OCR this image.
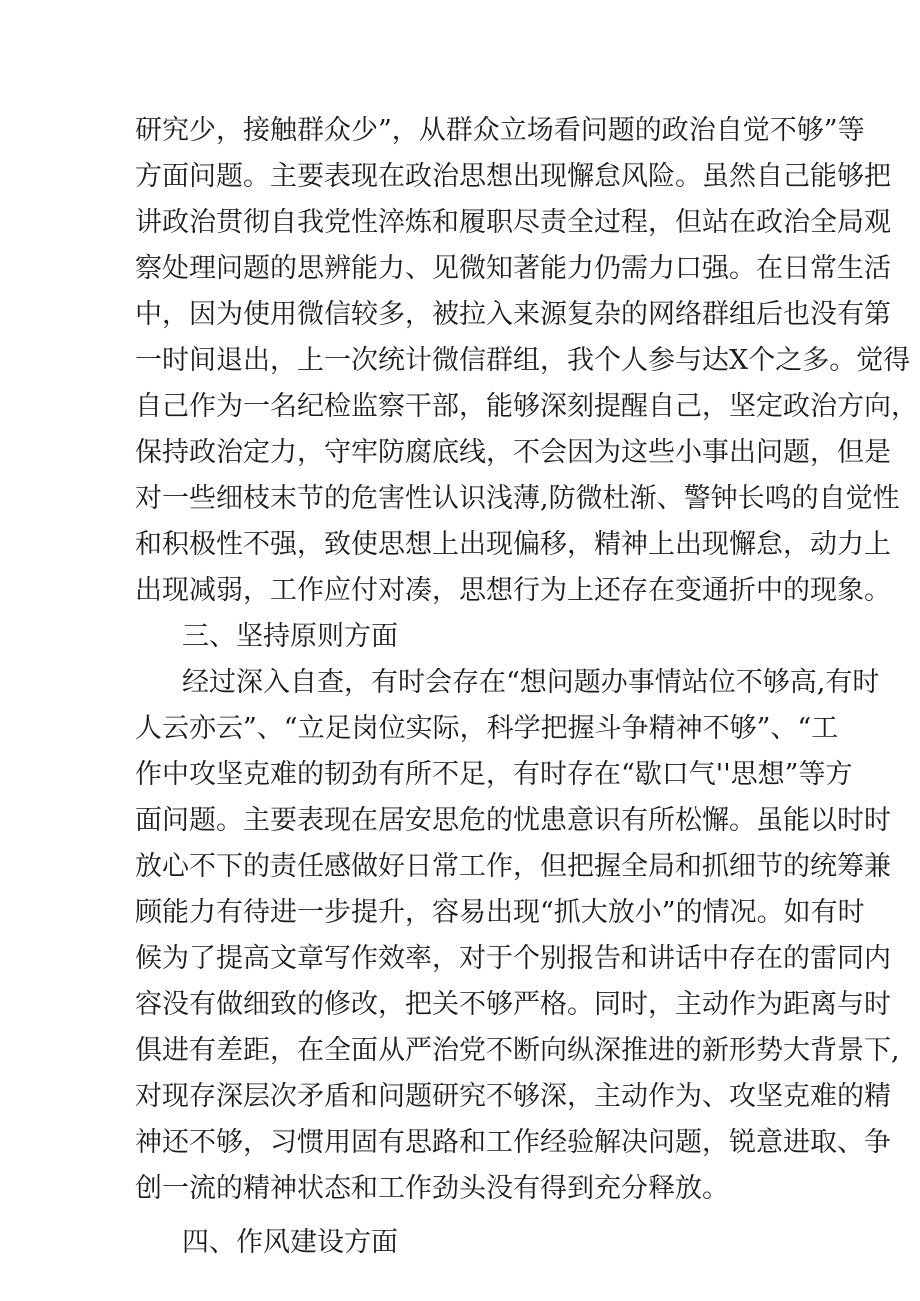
研究少，接触群众少”，从群众立场看问题的政治自觉不够”等
方面问题。主要表现在政治思想出现懈怠风险。虽然自己能够把
讲政治贯彻自我党性淬炼和履职尽责全过程，但站在政治全局观
察处理问题的思辨能力、见微知著能力仍需力口强。在日常生活
中，因为使用微信较多，被拉入来源复杂的网络群组后也没有第
一时间退出，上一次统计微信群组，我个人参与达X个之多。觉得
自己作为一名纪检监察干部，能够深刻提醒自己，坚定政治方向，
保持政治定力，守牢防腐底线，不会因为这些小事出问题，但是
对一些细枝末节的危害性认识浅薄,防微杜渐、警钟长鸣的自觉性
和积极性不强，致使思想上出现偏移，精神上出现懈怠，动力上
出现减弱，工作应付对凑，思想行为上还存在变通折中的现象。
三、坚持原则方面
经过深入自查，有时会存在“想问题办事情站位不够高,有时
人云亦云”、“立足岗位实际，科学把握斗争精神不够”、“工
作中攻坚克难的韧劲有所不足，有时存在“歇口气''思想”等方
面问题。主要表现在居安思危的忧患意识有所松懈。虽能以时时
放心不下的责任感做好日常工作，但把握全局和抓细节的统筹兼
顾能力有待进一步提升，容易出现“抓大放小”的情况。如有时
候为了提高文章写作效率，对于个别报告和讲话中存在的雷同内
容没有做细致的修改，把关不够严格。同时，主动作为距离与时
俱进有差距，在全面从严治党不断向纵深推进的新形势大背景下,
对现存深层次矛盾和问题研究不够深，主动作为、攻坚克难的精
神还不够，习惯用固有思路和工作经验解决问题，锐意进取、争
创一流的精神状态和工作劲头没有得到充分释放。
四、作风建设方面
